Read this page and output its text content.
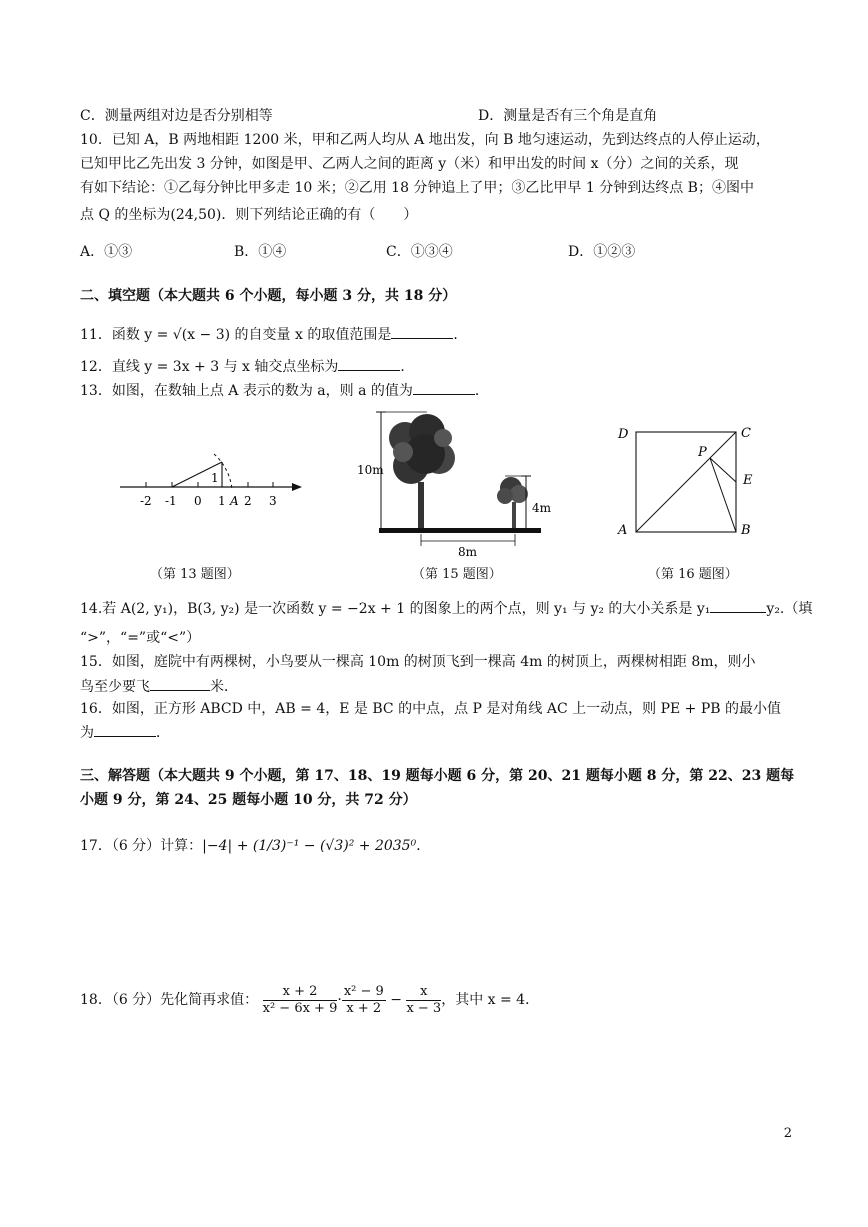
C．测量两组对边是否分别相等	D．测量是否有三个角是直角
10．已知 A，B 两地相距 1200 米，甲和乙两人均从 A 地出发，向 B 地匀速运动，先到达终点的人停止运动，
已知甲比乙先出发 3 分钟，如图是甲、乙两人之间的距离 y（米）和甲出发的时间 x（分）之间的关系，现
有如下结论：①乙每分钟比甲多走 10 米；②乙用 18 分钟追上了甲；③乙比甲早 1 分钟到达终点 B；④图中
点 Q 的坐标为(24,50)．则下列结论正确的有（　　）
A．①③	B．①④	C．①③④	D．①②③
二、填空题（本大题共 6 个小题，每小题 3 分，共 18 分）
11．函数 y = √(x − 3) 的自变量 x 的取值范围是	．
12．直线 y = 3x + 3 与 x 轴交点坐标为	．
13．如图，在数轴上点 A 表示的数为 a，则 a 的值为	．
1
-2 -1 0 1 A 2 3
（第 13 题图）
10m
4m
8m
（第 15 题图）
D	C
E
P
A	B
（第 16 题图）
14.若 A(2, y₁)，B(3, y₂) 是一次函数 y = −2x + 1 的图象上的两个点，则 y₁ 与 y₂ 的大小关系是 y₁	y₂.（填
“>”，“=”或“<”）
15．如图，庭院中有两棵树，小鸟要从一棵高 10m 的树顶飞到一棵高 4m 的树顶上，两棵树相距 8m，则小
鸟至少要飞	米．
16．如图，正方形 ABCD 中，AB = 4，E 是 BC 的中点，点 P 是对角线 AC 上一动点，则 PE + PB 的最小值
为	．
三、解答题（本大题共 9 个小题，第 17、18、19 题每小题 6 分，第 20、21 题每小题 8 分，第 22、23 题每
小题 9 分，第 24、25 题每小题 10 分，共 72 分）
17．（6 分）计算：|−4| + (1/3)⁻¹ − (√3)² + 2035⁰．
18．（6 分）先化简再求值： $\frac{x + 2}{\text{x² − 6x + 9}} \cdot \frac{\text{x² − 9}}{x + 2} - \frac{x}{x - 3}$ ，其中 x = 4．
2
